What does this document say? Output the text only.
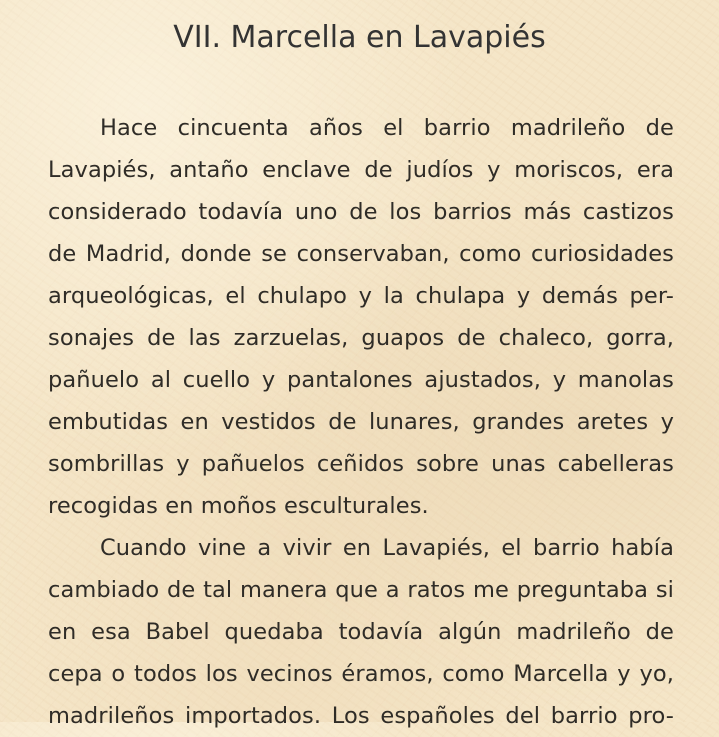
VII. Marcella en Lavapiés
Hace cincuenta años el barrio madrileño de
Lavapiés, antaño enclave de judíos y moriscos, era
considerado todavía uno de los barrios más castizos
de Madrid, donde se conservaban, como curiosidades
arqueológicas, el chulapo y la chulapa y demás per-
sonajes de las zarzuelas, guapos de chaleco, gorra,
pañuelo al cuello y pantalones ajustados, y manolas
embutidas en vestidos de lunares, grandes aretes y
sombrillas y pañuelos ceñidos sobre unas cabelleras
recogidas en moños esculturales.
Cuando vine a vivir en Lavapiés, el barrio había
cambiado de tal manera que a ratos me preguntaba si
en esa Babel quedaba todavía algún madrileño de
cepa o todos los vecinos éramos, como Marcella y yo,
madrileños importados. Los españoles del barrio pro-
